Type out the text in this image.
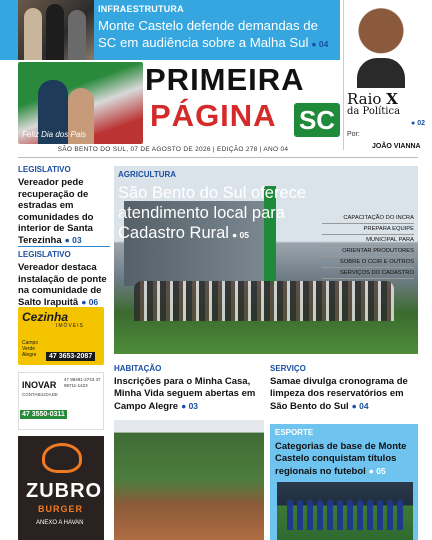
INFRAESTRUTURA
Monte Castelo defende demandas de SC em audiência sobre a Malha Sul ● 04
Feliz Dia dos Pais
PRIMEIRA
PÁGINA SC
Raio X
da Política
● 02
Por:
JOÃO VIANNA
SÃO BENTO DO SUL, 07 DE AGOSTO DE 2026 | EDIÇÃO 278 | ANO 04
LEGISLATIVO
Vereador pede recuperação de estradas em comunidades do interior de Santa Terezinha ● 03
LEGISLATIVO
Vereador destaca instalação de ponte na comunidade de Salto Irapuitã ● 06
Cezinha
IMÓVEIS
Campo Verde Alegre	47 3653-2087
INOVAR
CONTABILIDADE
47 98491-2743 47 99711-1423
47 3550-0311
ZUBRO
BURGER
ANEXO A HAVAN
AGRICULTURA
São Bento do Sul oferece atendimento local para Cadastro Rural ● 05
CAPACITAÇÃO DO INCRA
PREPARA EQUIPE
MUNICIPAL PARA
ORIENTAR PRODUTORES
SOBRE O CCIR E OUTROS
SERVIÇOS DO CADASTRO
HABITAÇÃO
Inscrições para o Minha Casa, Minha Vida seguem abertas em Campo Alegre ● 03
SERVIÇO
Samae divulga cronograma de limpeza dos reservatórios em São Bento do Sul ● 04
ESPORTE
Categorias de base de Monte Castelo conquistam títulos regionais no futebol ● 05
